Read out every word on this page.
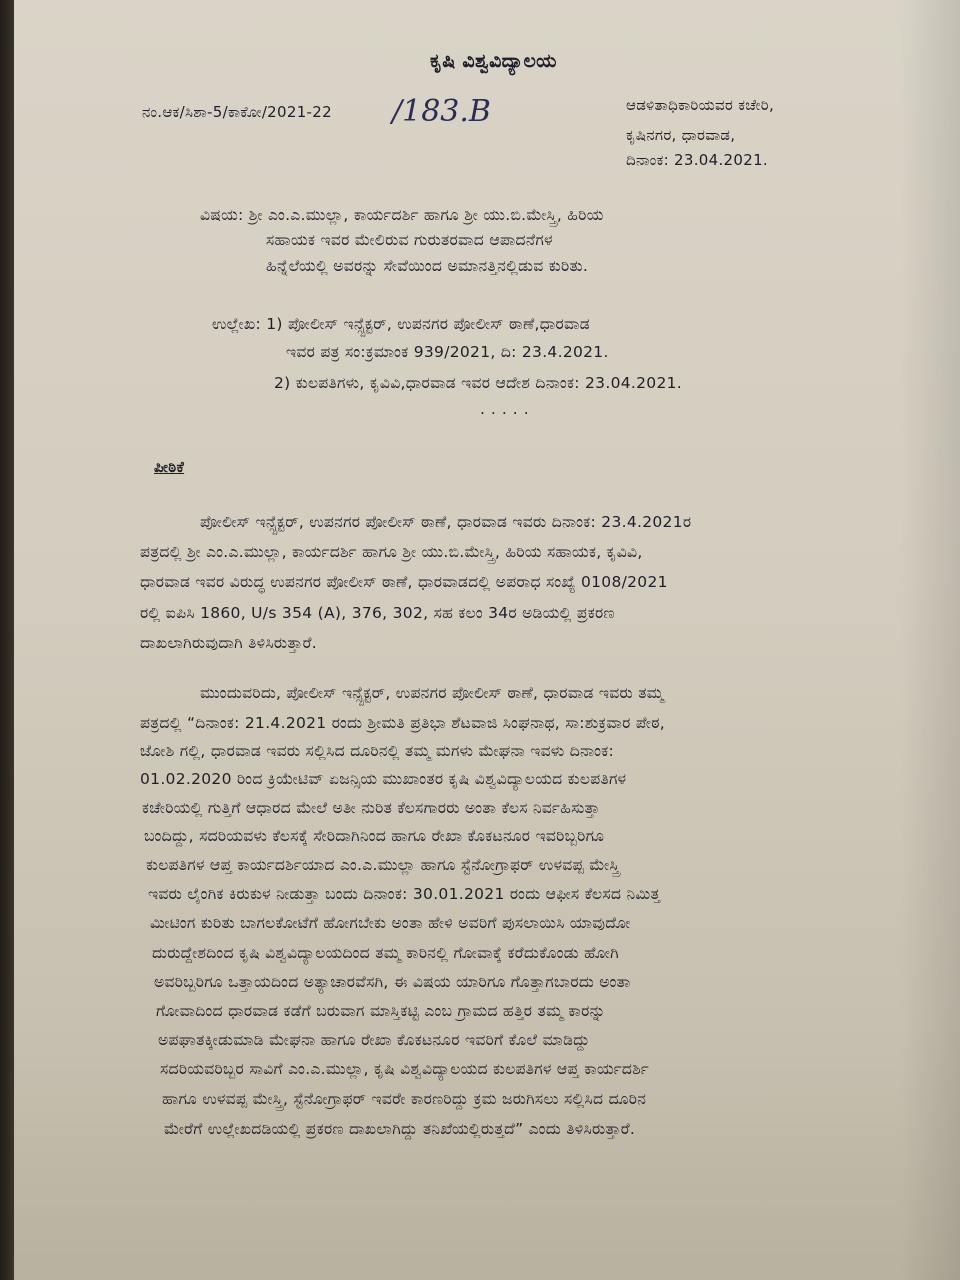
ಕೃಷಿ ವಿಶ್ವವಿದ್ಯಾಲಯ
ನಂ.ಆಕ/ಸಿಶಾ-5/ಕಾಕೋ/2021-22 /183.B	ಆಡಳಿತಾಧಿಕಾರಿಯವರ ಕಚೇರಿ,
ಕೃಷಿನಗರ, ಧಾರವಾಡ,
ದಿನಾಂಕ: 23.04.2021.
ವಿಷಯ: ಶ್ರೀ ಎಂ.ಎ.ಮುಲ್ಲಾ, ಕಾರ್ಯದರ್ಶಿ ಹಾಗೂ ಶ್ರೀ ಯು.ಬಿ.ಮೇಸ್ತ್ರಿ, ಹಿರಿಯ
ಸಹಾಯಕ ಇವರ ಮೇಲಿರುವ ಗುರುತರವಾದ ಆಪಾದನೆಗಳ
ಹಿನ್ನೆಲೆಯಲ್ಲಿ ಅವರನ್ನು ಸೇವೆಯಿಂದ ಅಮಾನತ್ತಿನಲ್ಲಿಡುವ ಕುರಿತು.
ಉಲ್ಲೇಖ: 1) ಪೋಲೀಸ್ ಇನ್ಸ್ಪೆಕ್ಟರ್, ಉಪನಗರ ಪೋಲೀಸ್ ಠಾಣೆ,ಧಾರವಾಡ
ಇವರ ಪತ್ರ ಸಂ:ಕ್ರಮಾಂಕ 939/2021, ದಿ: 23.4.2021.
2) ಕುಲಪತಿಗಳು, ಕೃವಿವಿ,ಧಾರವಾಡ ಇವರ ಆದೇಶ ದಿನಾಂಕ: 23.04.2021.
.....
ಪೀಠಿಕೆ
ಪೋಲೀಸ್ ಇನ್ಸ್ಪೆಕ್ಟರ್, ಉಪನಗರ ಪೋಲೀಸ್ ಠಾಣೆ, ಧಾರವಾಡ ಇವರು ದಿನಾಂಕ: 23.4.2021ರ
ಪತ್ರದಲ್ಲಿ ಶ್ರೀ ಎಂ.ಎ.ಮುಲ್ಲಾ, ಕಾರ್ಯದರ್ಶಿ ಹಾಗೂ ಶ್ರೀ ಯು.ಬಿ.ಮೇಸ್ತ್ರಿ, ಹಿರಿಯ ಸಹಾಯಕ, ಕೃವಿವಿ,
ಧಾರವಾಡ ಇವರ ವಿರುದ್ಧ ಉಪನಗರ ಪೋಲೀಸ್ ಠಾಣೆ, ಧಾರವಾಡದಲ್ಲಿ ಅಪರಾಧ ಸಂಖ್ಯೆ 0108/2021
ರಲ್ಲಿ ಐಪಿಸಿ 1860, U/s 354 (A), 376, 302, ಸಹ ಕಲಂ 34ರ ಅಡಿಯಲ್ಲಿ ಪ್ರಕರಣ
ದಾಖಲಾಗಿರುವುದಾಗಿ ತಿಳಿಸಿರುತ್ತಾರೆ.
ಮುಂದುವರಿದು, ಪೋಲೀಸ್ ಇನ್ಸ್ಪೆಕ್ಟರ್, ಉಪನಗರ ಪೋಲೀಸ್ ಠಾಣೆ, ಧಾರವಾಡ ಇವರು ತಮ್ಮ
ಪತ್ರದಲ್ಲಿ “ದಿನಾಂಕ: 21.4.2021 ರಂದು ಶ್ರೀಮತಿ ಪ್ರತಿಭಾ ಶೆಟವಾಜಿ ಸಿಂಘನಾಥ, ಸಾ:ಶುಕ್ರವಾರ ಪೇಠ,
ಜೋಶಿ ಗಲ್ಲಿ, ಧಾರವಾಡ ಇವರು ಸಲ್ಲಿಸಿದ ದೂರಿನಲ್ಲಿ ತಮ್ಮ ಮಗಳು ಮೇಘನಾ ಇವಳು ದಿನಾಂಕ:
01.02.2020 ರಿಂದ ಕ್ರಿಯೇಟಿವ್ ಏಜನ್ಸಿಯ ಮುಖಾಂತರ ಕೃಷಿ ವಿಶ್ವವಿದ್ಯಾಲಯದ ಕುಲಪತಿಗಳ
ಕಚೇರಿಯಲ್ಲಿ ಗುತ್ತಿಗೆ ಆಧಾರದ ಮೇಲೆ ಅತೀ ನುರಿತ ಕೆಲಸಗಾರರು ಅಂತಾ ಕೆಲಸ ನಿರ್ವಹಿಸುತ್ತಾ
ಬಂದಿದ್ದು, ಸದರಿಯವಳು ಕೆಲಸಕ್ಕೆ ಸೇರಿದಾಗಿನಿಂದ ಹಾಗೂ ರೇಖಾ ಕೊಕಟನೂರ ಇವರಿಬ್ಬರಿಗೂ
ಕುಲಪತಿಗಳ ಆಪ್ತ ಕಾರ್ಯದರ್ಶಿಯಾದ ಎಂ.ಎ.ಮುಲ್ಲಾ ಹಾಗೂ ಸ್ಟೆನೋಗ್ರಾಫರ್ ಉಳವಪ್ಪ ಮೇಸ್ತ್ರಿ
ಇವರು ಲೈಂಗಿಕ ಕಿರುಕುಳ ನೀಡುತ್ತಾ ಬಂದು ದಿನಾಂಕ: 30.01.2021 ರಂದು ಆಫೀಸ ಕೆಲಸದ ನಿಮಿತ್ತ
ಮೀಟಿಂಗ ಕುರಿತು ಬಾಗಲಕೋಟೆಗೆ ಹೋಗಬೇಕು ಅಂತಾ ಹೇಳಿ ಅವರಿಗೆ ಪುಸಲಾಯಿಸಿ ಯಾವುದೋ
ದುರುದ್ದೇಶದಿಂದ ಕೃಷಿ ವಿಶ್ವವಿದ್ಯಾಲಯದಿಂದ ತಮ್ಮ ಕಾರಿನಲ್ಲಿ ಗೋವಾಕ್ಕೆ ಕರೆದುಕೊಂಡು ಹೋಗಿ
ಅವರಿಬ್ಬರಿಗೂ ಒತ್ತಾಯದಿಂದ ಅತ್ಯಾಚಾರವೆಸಗಿ, ಈ ವಿಷಯ ಯಾರಿಗೂ ಗೊತ್ತಾಗಬಾರದು ಅಂತಾ
ಗೋವಾದಿಂದ ಧಾರವಾಡ ಕಡೆಗೆ ಬರುವಾಗ ಮಾಸ್ತಿಕಟ್ಟಿ ಎಂಬ ಗ್ರಾಮದ ಹತ್ತಿರ ತಮ್ಮ ಕಾರನ್ನು
ಅಪಘಾತಕ್ಕೀಡುಮಾಡಿ ಮೇಘನಾ ಹಾಗೂ ರೇಖಾ ಕೊಕಟನೂರ ಇವರಿಗೆ ಕೊಲೆ ಮಾಡಿದ್ದು
ಸದರಿಯವರಿಬ್ಬರ ಸಾವಿಗೆ ಎಂ.ಎ.ಮುಲ್ಲಾ, ಕೃಷಿ ವಿಶ್ವವಿದ್ಯಾಲಯದ ಕುಲಪತಿಗಳ ಆಪ್ತ ಕಾರ್ಯದರ್ಶಿ
ಹಾಗೂ ಉಳವಪ್ಪ ಮೇಸ್ತ್ರಿ, ಸ್ಟೆನೋಗ್ರಾಫರ್ ಇವರೇ ಕಾರಣರಿದ್ದು ಕ್ರಮ ಜರುಗಿಸಲು ಸಲ್ಲಿಸಿದ ದೂರಿನ
ಮೇರೆಗೆ ಉಲ್ಲೇಖದಡಿಯಲ್ಲಿ ಪ್ರಕರಣ ದಾಖಲಾಗಿದ್ದು ತನಿಖೆಯಲ್ಲಿರುತ್ತದೆ” ಎಂದು ತಿಳಿಸಿರುತ್ತಾರೆ.
